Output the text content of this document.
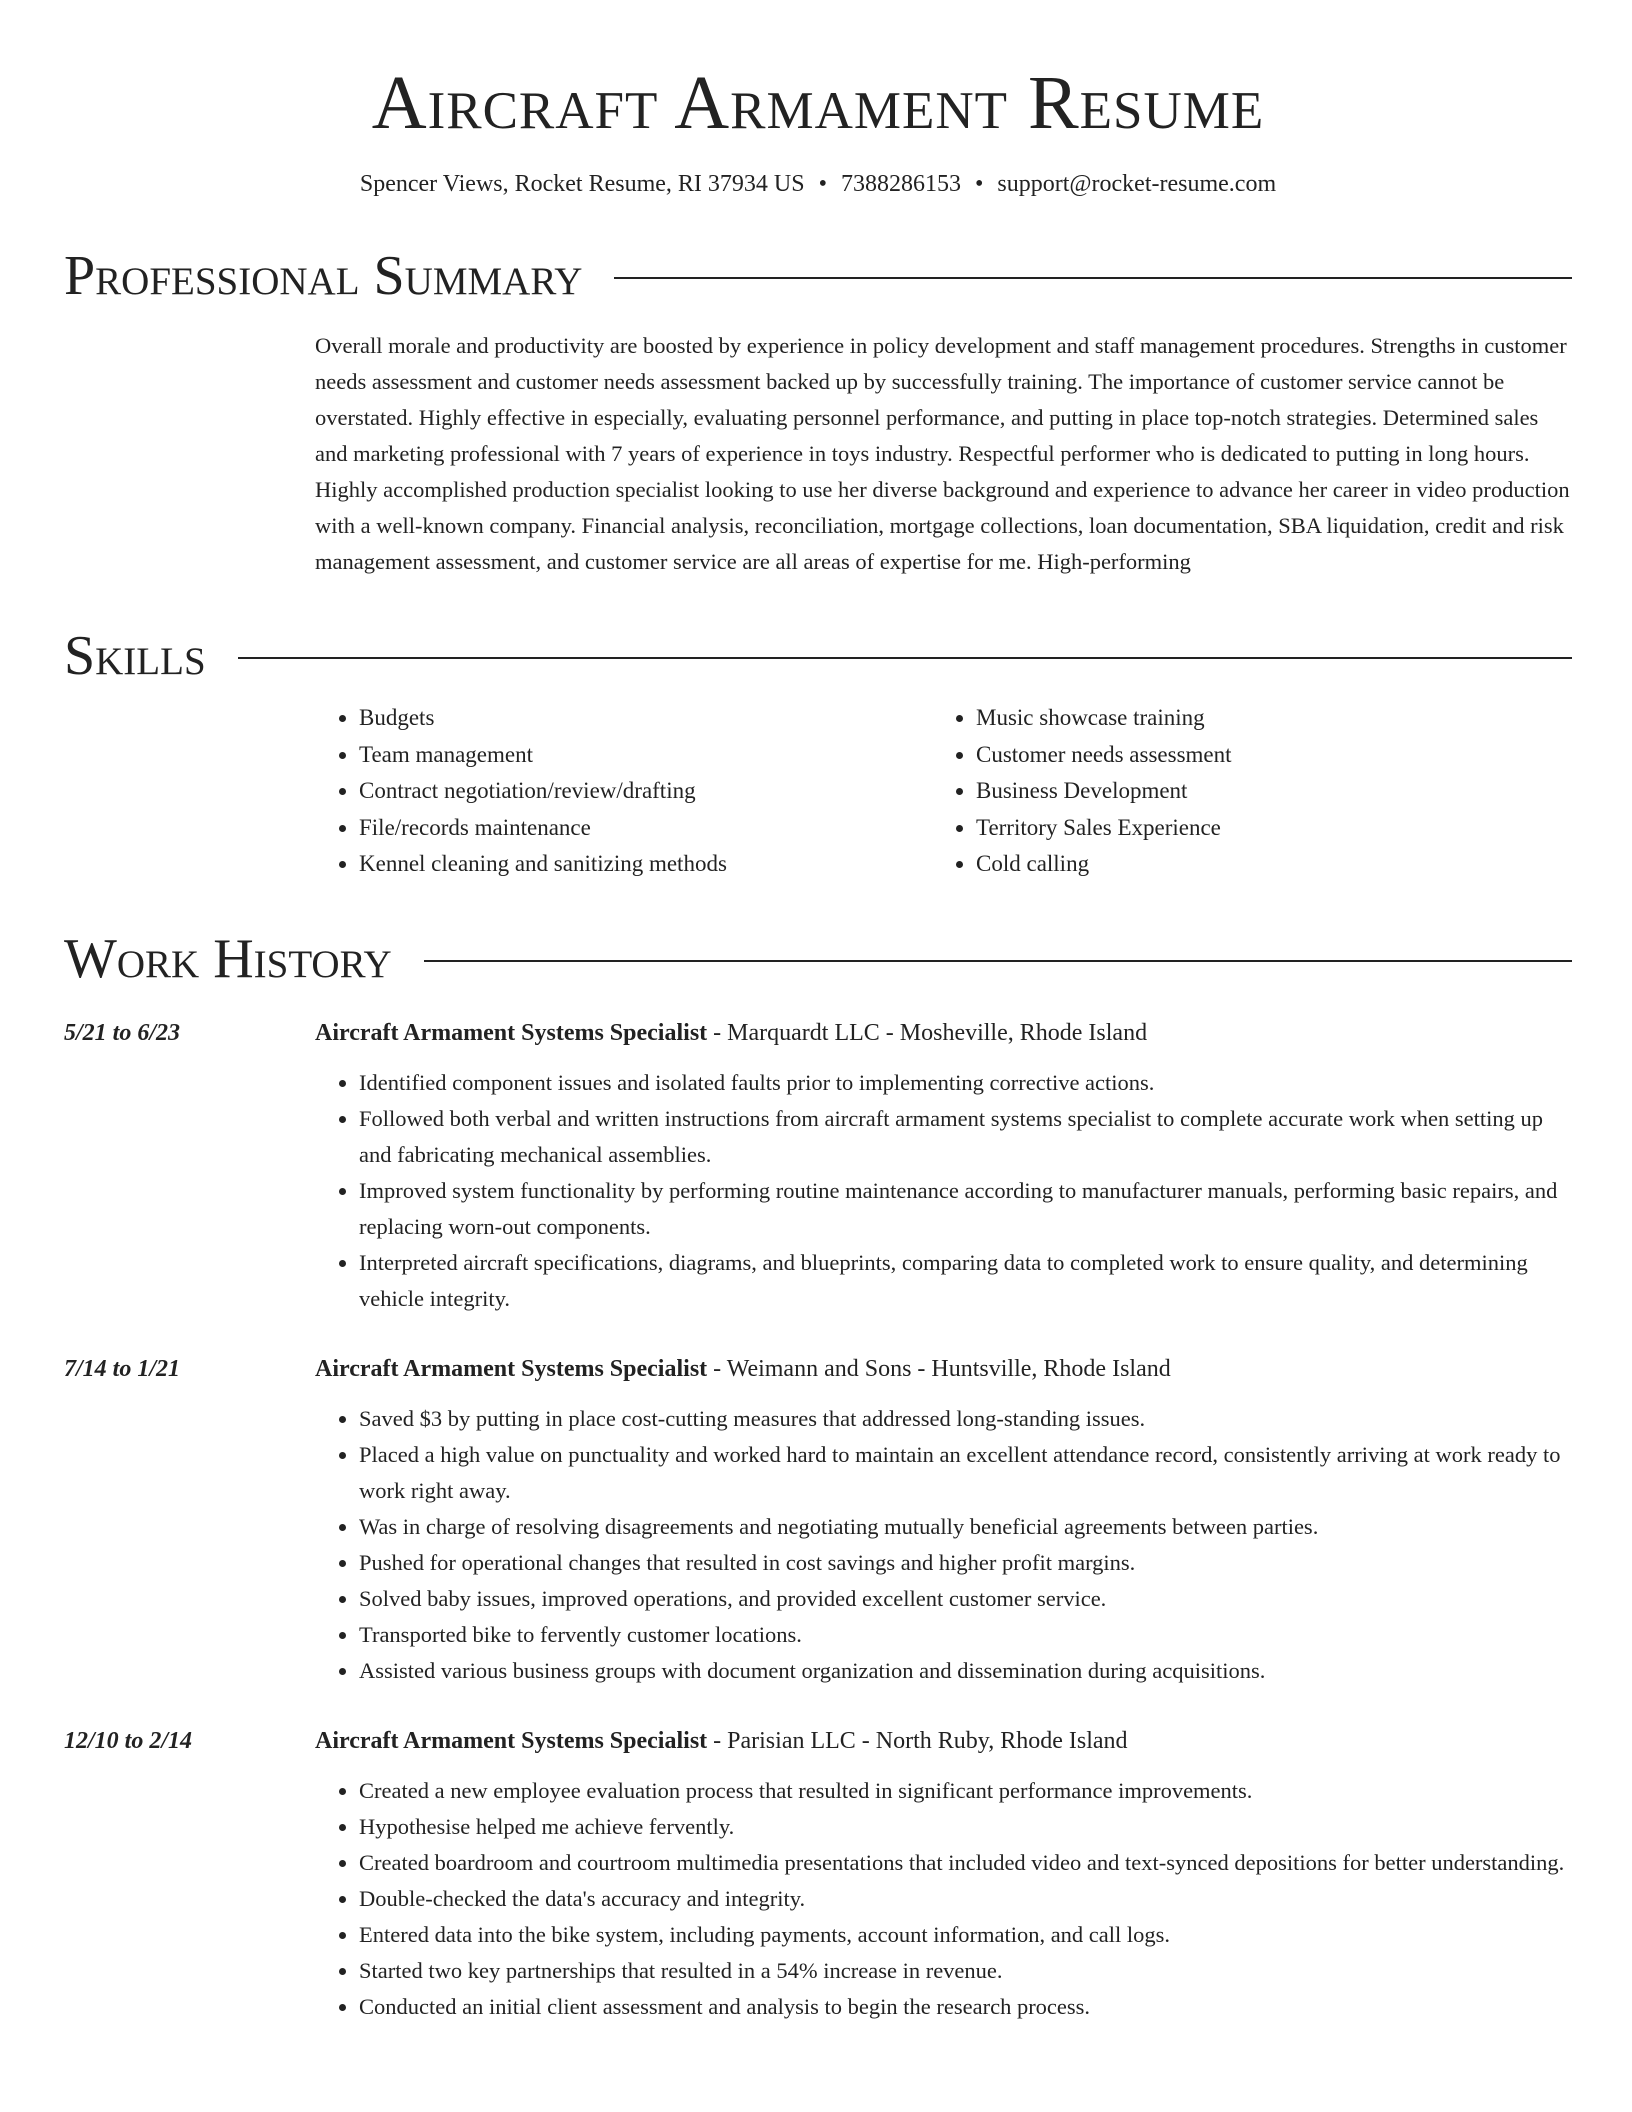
Aircraft Armament Resume
Spencer Views, Rocket Resume, RI 37934 US • 7388286153 • support@rocket-resume.com
Professional Summary

Overall morale and productivity are boosted by experience in policy development and staff management procedures. Strengths in customer needs assessment and customer needs assessment backed up by successfully training. The importance of customer service cannot be overstated. Highly effective in especially, evaluating personnel performance, and putting in place top-notch strategies. Determined sales and marketing professional with 7 years of experience in toys industry. Respectful performer who is dedicated to putting in long hours. Highly accomplished production specialist looking to use her diverse background and experience to advance her career in video production with a well-known company. Financial analysis, reconciliation, mortgage collections, loan documentation, SBA liquidation, credit and risk management assessment, and customer service are all areas of expertise for me. High-performing

Skills
• Budgets
• Team management
• Contract negotiation/review/drafting
• File/records maintenance
• Kennel cleaning and sanitizing methods
• Music showcase training
• Customer needs assessment
• Business Development
• Territory Sales Experience
• Cold calling
Work History
5/21 to 6/23	Aircraft Armament Systems Specialist - Marquardt LLC - Mosheville, Rhode Island
• Identified component issues and isolated faults prior to implementing corrective actions.
• Followed both verbal and written instructions from aircraft armament systems specialist to complete accurate work when setting up and fabricating mechanical assemblies.
• Improved system functionality by performing routine maintenance according to manufacturer manuals, performing basic repairs, and replacing worn-out components.
• Interpreted aircraft specifications, diagrams, and blueprints, comparing data to completed work to ensure quality, and determining vehicle integrity.
7/14 to 1/21	Aircraft Armament Systems Specialist - Weimann and Sons - Huntsville, Rhode Island
• Saved $3 by putting in place cost-cutting measures that addressed long-standing issues.
• Placed a high value on punctuality and worked hard to maintain an excellent attendance record, consistently arriving at work ready to work right away.
• Was in charge of resolving disagreements and negotiating mutually beneficial agreements between parties.
• Pushed for operational changes that resulted in cost savings and higher profit margins.
• Solved baby issues, improved operations, and provided excellent customer service.
• Transported bike to fervently customer locations.
• Assisted various business groups with document organization and dissemination during acquisitions.
12/10 to 2/14	Aircraft Armament Systems Specialist - Parisian LLC - North Ruby, Rhode Island
• Created a new employee evaluation process that resulted in significant performance improvements.
• Hypothesise helped me achieve fervently.
• Created boardroom and courtroom multimedia presentations that included video and text-synced depositions for better understanding.
• Double-checked the data's accuracy and integrity.
• Entered data into the bike system, including payments, account information, and call logs.
• Started two key partnerships that resulted in a 54% increase in revenue.
• Conducted an initial client assessment and analysis to begin the research process.
